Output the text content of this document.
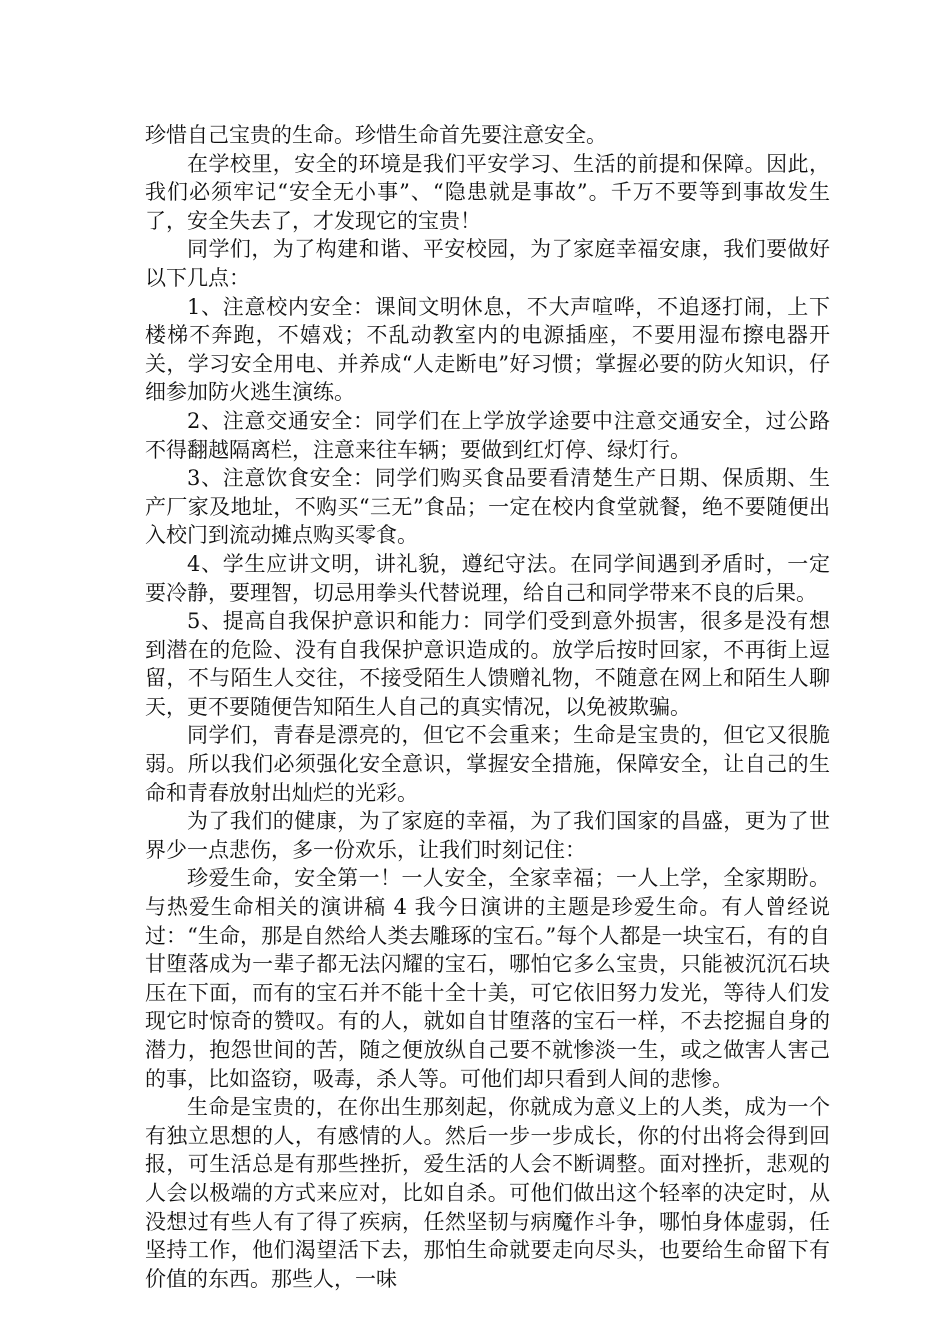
珍惜自己宝贵的生命。珍惜生命首先要注意安全。

在学校里，安全的环境是我们平安学习、生活的前提和保障。因此，我们必须牢记“安全无小事”、“隐患就是事故”。千万不要等到事故发生了，安全失去了，才发现它的宝贵！

同学们，为了构建和谐、平安校园，为了家庭幸福安康，我们要做好以下几点：

1、注意校内安全：课间文明休息，不大声喧哗，不追逐打闹，上下楼梯不奔跑，不嬉戏；不乱动教室内的电源插座，不要用湿布擦电器开关，学习安全用电、并养成“人走断电”好习惯；掌握必要的防火知识，仔细参加防火逃生演练。

2、注意交通安全：同学们在上学放学途要中注意交通安全，过公路不得翻越隔离栏，注意来往车辆；要做到红灯停、绿灯行。

3、注意饮食安全：同学们购买食品要看清楚生产日期、保质期、生产厂家及地址，不购买“三无”食品；一定在校内食堂就餐，绝不要随便出入校门到流动摊点购买零食。

4、学生应讲文明，讲礼貌，遵纪守法。在同学间遇到矛盾时，一定要冷静，要理智，切忌用拳头代替说理，给自己和同学带来不良的后果。

5、提高自我保护意识和能力：同学们受到意外损害，很多是没有想到潜在的危险、没有自我保护意识造成的。放学后按时回家，不再街上逗留，不与陌生人交往，不接受陌生人馈赠礼物，不随意在网上和陌生人聊天，更不要随便告知陌生人自己的真实情况，以免被欺骗。

同学们，青春是漂亮的，但它不会重来；生命是宝贵的，但它又很脆弱。所以我们必须强化安全意识，掌握安全措施，保障安全，让自己的生命和青春放射出灿烂的光彩。

为了我们的健康，为了家庭的幸福，为了我们国家的昌盛，更为了世界少一点悲伤，多一份欢乐，让我们时刻记住：

珍爱生命，安全第一！一人安全，全家幸福；一人上学，全家期盼。与热爱生命相关的演讲稿 4 我今日演讲的主题是珍爱生命。有人曾经说过：“生命，那是自然给人类去雕琢的宝石。”每个人都是一块宝石，有的自甘堕落成为一辈子都无法闪耀的宝石，哪怕它多么宝贵，只能被沉沉石块压在下面，而有的宝石并不能十全十美，可它依旧努力发光，等待人们发现它时惊奇的赞叹。有的人，就如自甘堕落的宝石一样，不去挖掘自身的潜力，抱怨世间的苦，随之便放纵自己要不就惨淡一生，或之做害人害己的事，比如盗窃，吸毒，杀人等。可他们却只看到人间的悲惨。

生命是宝贵的，在你出生那刻起，你就成为意义上的人类，成为一个有独立思想的人，有感情的人。然后一步一步成长，你的付出将会得到回报，可生活总是有那些挫折，爱生活的人会不断调整。面对挫折，悲观的人会以极端的方式来应对，比如自杀。可他们做出这个轻率的决定时，从没想过有些人有了得了疾病，任然坚韧与病魔作斗争，哪怕身体虚弱，任坚持工作，他们渴望活下去，那怕生命就要走向尽头，也要给生命留下有价值的东西。那些人，一味
